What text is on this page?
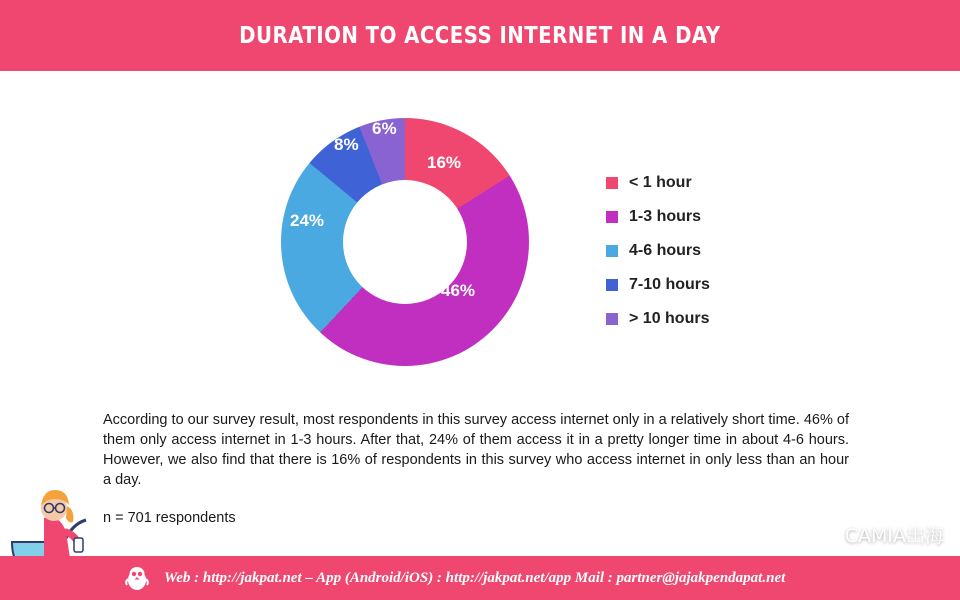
DURATION TO ACCESS INTERNET IN A DAY
16%
46%
24%
8%
6%
< 1 hour
1-3 hours
4-6 hours
7-10 hours
> 10 hours

According to our survey result, most respondents in this survey access internet only in a relatively short time. 46% of them only access internet in 1-3 hours. After that, 24% of them access it in a pretty longer time in about 4-6 hours. However, we also find that there is 16% of respondents in this survey who access internet in only less than an hour a day.

n = 701 respondents
CAMIA出海
Web : http://jakpat.net – App (Android/iOS) : http://jakpat.net/app Mail : partner@jajakpendapat.net
